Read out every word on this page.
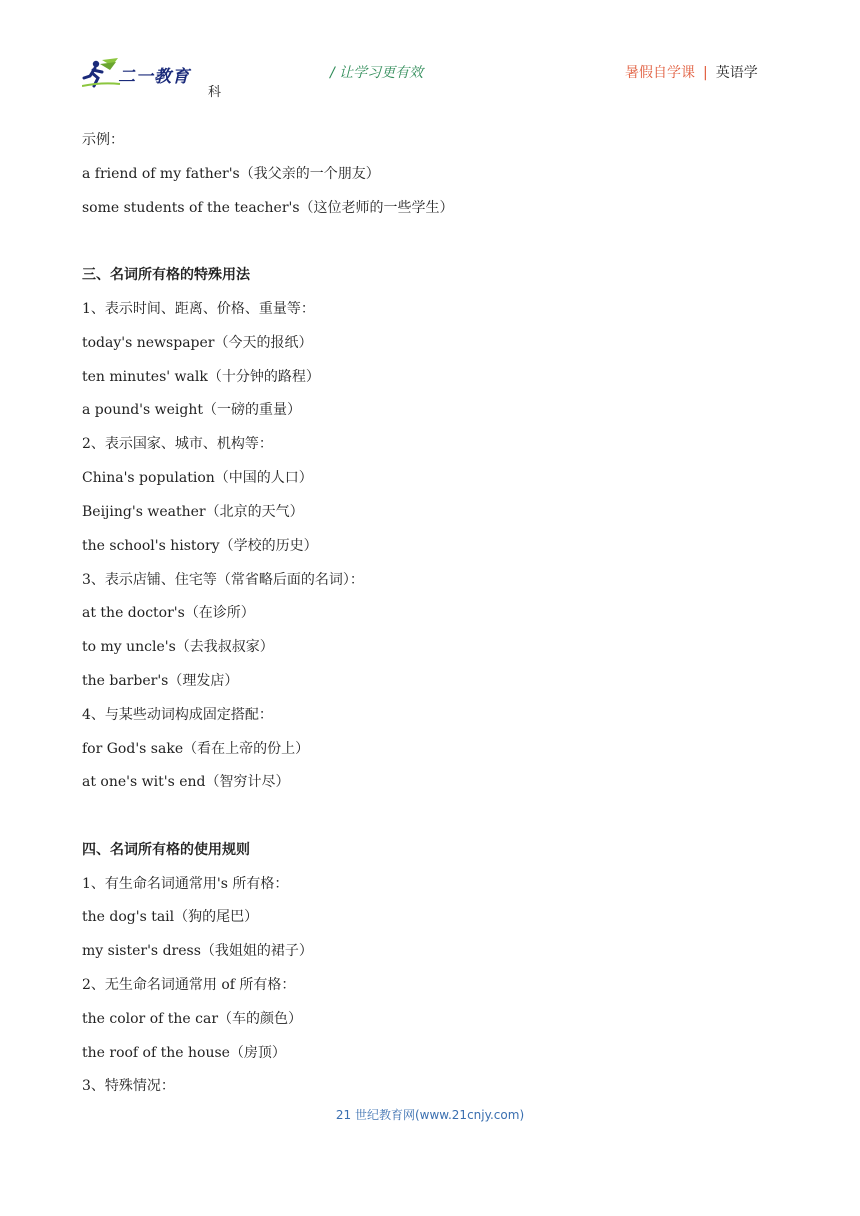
二一教育
科
/ 让学习更有效	暑假自学课 | 英语学
示例：
a friend of my father's（我父亲的一个朋友）
some students of the teacher's（这位老师的一些学生）
三、名词所有格的特殊用法
1、表示时间、距离、价格、重量等：
today's newspaper（今天的报纸）
ten minutes' walk（十分钟的路程）
a pound's weight（一磅的重量）
2、表示国家、城市、机构等：
China's population（中国的人口）
Beijing's weather（北京的天气）
the school's history（学校的历史）
3、表示店铺、住宅等（常省略后面的名词）：
at the doctor's（在诊所）
to my uncle's（去我叔叔家）
the barber's（理发店）
4、与某些动词构成固定搭配：
for God's sake（看在上帝的份上）
at one's wit's end（智穷计尽）
四、名词所有格的使用规则
1、有生命名词通常用's 所有格：
the dog's tail（狗的尾巴）
my sister's dress（我姐姐的裙子）
2、无生命名词通常用 of 所有格：
the color of the car（车的颜色）
the roof of the house（房顶）
3、特殊情况：
21 世纪教育网(www.21cnjy.com)
